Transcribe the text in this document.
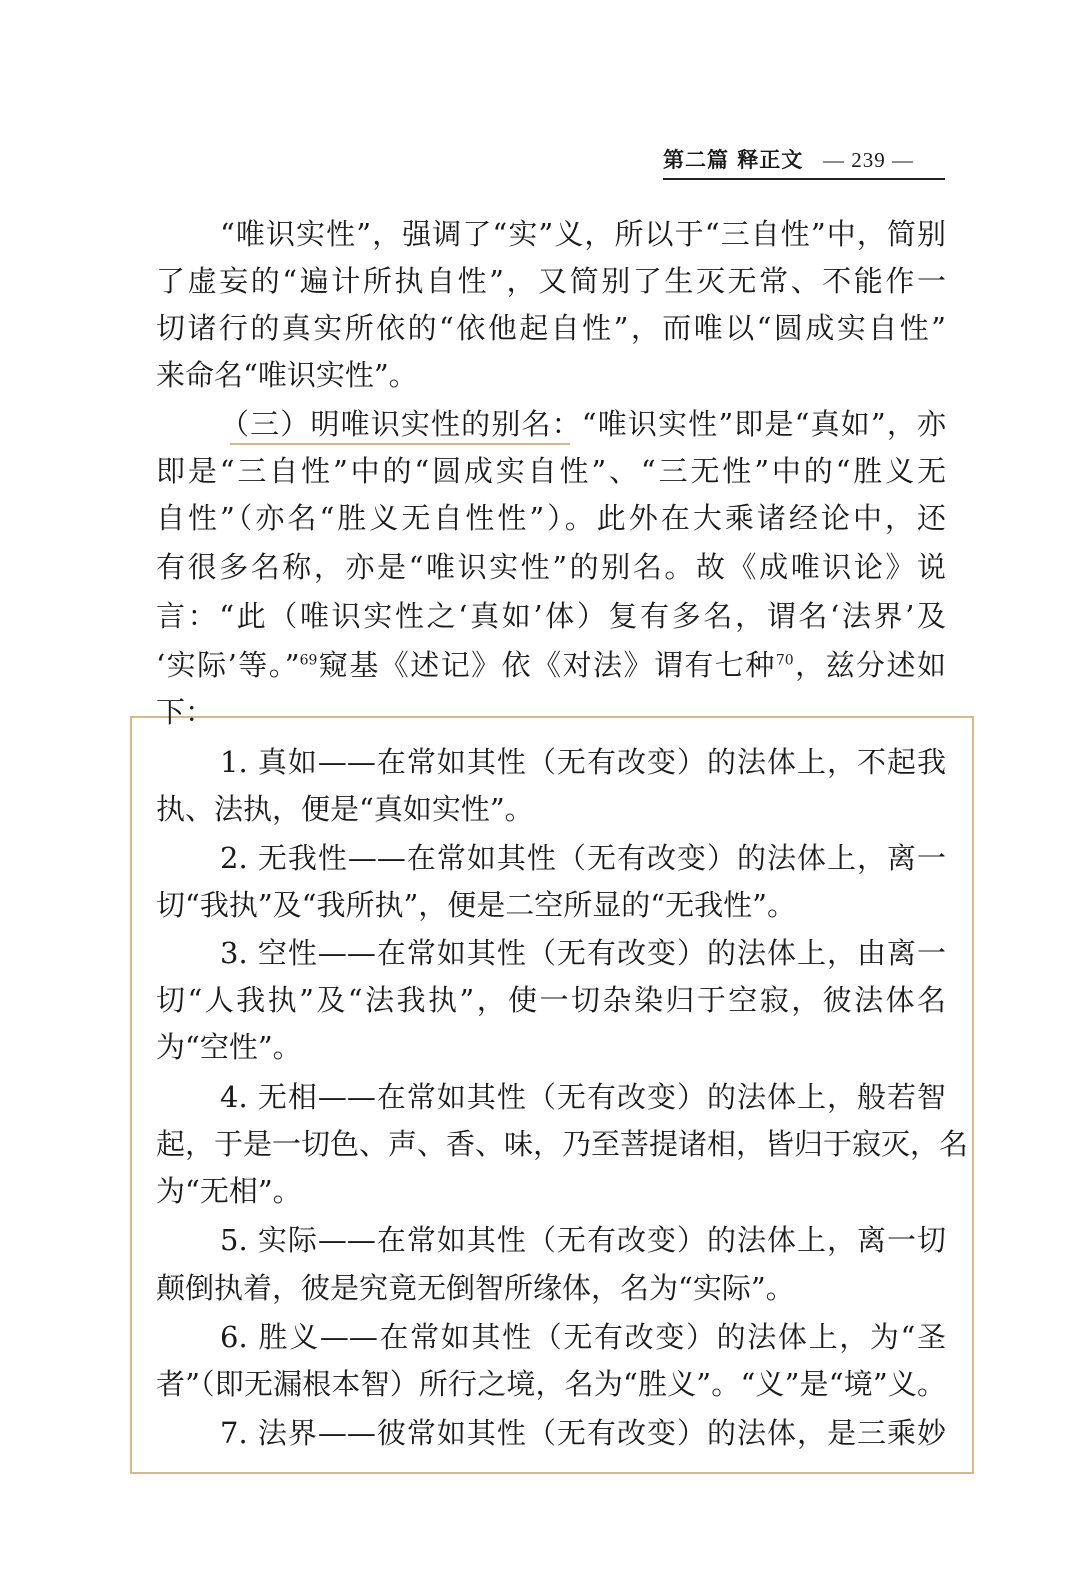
第二篇 释正文 — 239 —
“唯识实性”，强调了“实”义，所以于“三自性”中，简别
了虚妄的“遍计所执自性”，又简别了生灭无常、不能作一
切诸行的真实所依的“依他起自性”，而唯以“圆成实自性”
来命名“唯识实性”。
（三）明唯识实性的别名：“唯识实性”即是“真如”，亦
即是“三自性”中的“圆成实自性”、“三无性”中的“胜义无
自性”（亦名“胜义无自性性”）。此外在大乘诸经论中，还
有很多名称，亦是“唯识实性”的别名。故《成唯识论》说
言：“此（唯识实性之‘真如’体）复有多名，谓名‘法界’及
‘实际’等。”$^{69}$窥基《述记》依《对法》谓有七种$^{70}$，兹分述如
下：
1. 真如——在常如其性（无有改变）的法体上，不起我
执、法执，便是“真如实性”。
2. 无我性——在常如其性（无有改变）的法体上，离一
切“我执”及“我所执”，便是二空所显的“无我性”。
3. 空性——在常如其性（无有改变）的法体上，由离一
切“人我执”及“法我执”，使一切杂染归于空寂，彼法体名
为“空性”。
4. 无相——在常如其性（无有改变）的法体上，般若智
起，于是一切色、声、香、味，乃至菩提诸相，皆归于寂灭，名
为“无相”。
5. 实际——在常如其性（无有改变）的法体上，离一切
颠倒执着，彼是究竟无倒智所缘体，名为“实际”。
6. 胜义——在常如其性（无有改变）的法体上，为“圣
者”（即无漏根本智）所行之境，名为“胜义”。“义”是“境”义。
7. 法界——彼常如其性（无有改变）的法体，是三乘妙
